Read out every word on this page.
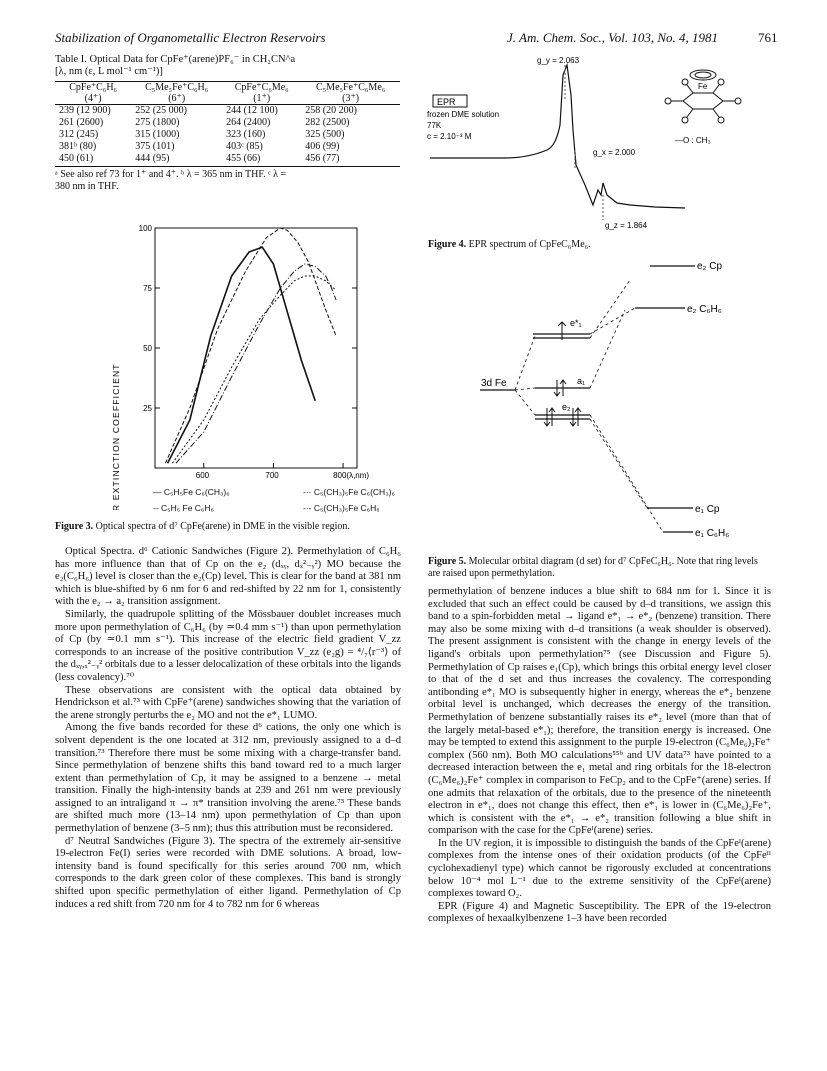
Stabilization of Organometallic Electron Reservoirs	J. Am. Chem. Soc., Vol. 103, No. 4, 1981	761
Table I. Optical Data for CpFe⁺(arene)PF₆⁻ in CH₂CN^a
[λ, nm (ε, L mol⁻¹ cm⁻¹)]
CpFe⁺C₆H₆	C₅Me₅Fe⁺C₆H₆	CpFe⁺C₆Me₆	C₅Me₅Fe⁺C₆Me₆
(4⁺)	(6⁺)	(1⁺)	(3⁺)

239 (12 900)	252 (25 000)	244 (12 100)	258 (20 200)
261 (2600)	275 (1800)	264 (2400)	282 (2500)
312 (245)	315 (1000)	323 (160)	325 (500)
381ᵇ (80)	375 (101)	403ᶜ (85)	406 (99)
450 (61)	444 (95)	455 (66)	456 (77)
ᵃ See also ref 73 for 1⁺ and 4⁺. ᵇ λ = 365 nm in THF. ᶜ λ =
380 nm in THF.
MOLAR EXTINCTION COEFFICIENT
100
75
50
25
600	700	800(λ,nm)
— C₅H₅Fe C₆(CH₃)₆	-·· C₅(CH₃)₅Fe C₆(CH₃)₆
-- C₅H₅ Fe C₆H₆	-·- C₅(CH₃)₅Fe C₆H₆
Figure 3. Optical spectra of d⁷ CpFe(arene) in DME in the visible region.

Optical Spectra. d⁶ Cationic Sandwiches (Figure 2). Permethylation of C₆H₆ has more influence than that of Cp on the e₂ (dₓᵧ, dₓ²₋ᵧ²) MO because the e₂(C₆H₆) level is closer than the e₂(Cp) level. This is clear for the band at 381 nm which is blue-shifted by 6 nm for 6 and red-shifted by 22 nm for 1, consistently with the e₂ → a₂ transition assignment.

Similarly, the quadrupole splitting of the Mössbauer doublet increases much more upon permethylation of C₆H₆ (by ≃0.4 mm s⁻¹) than upon permethylation of Cp (by ≃0.1 mm s⁻¹). This increase of the electric field gradient V_zz corresponds to an increase of the positive contribution V_zz (e₂g) = ⁴/₇⟨r⁻³⟩ of the dₓᵧ,ₓ²₋ᵧ² orbitals due to a lesser delocalization of these orbitals into the ligands (less covalency).⁷⁰

These observations are consistent with the optical data obtained by Hendrickson et al.⁷³ with CpFe⁺(arene) sandwiches showing that the variation of the arene strongly perturbs the e₂ MO and not the e*₁ LUMO.

Among the five bands recorded for these d⁶ cations, the only one which is solvent dependent is the one located at 312 nm, previously assigned to a d–d transition.⁷³ Therefore there must be some mixing with a charge-transfer band. Since permethylation of benzene shifts this band toward red to a much larger extent than permethylation of Cp, it may be assigned to a benzene → metal transition. Finally the high-intensity bands at 239 and 261 nm were previously assigned to an intraligand π → π* transition involving the arene.⁷³ These bands are shifted much more (13–14 nm) upon permethylation of Cp than upon permethylation of benzene (3–5 nm); thus this attribution must be reconsidered.

d⁷ Neutral Sandwiches (Figure 3). The spectra of the extremely air-sensitive 19-electron Fe(I) series were recorded with DME solutions. A broad, low-intensity band is found specifically for this series around 700 nm, which corresponds to the dark green color of these complexes. This band is strongly shifted upon specific permethylation of either ligand. Permethylation of Cp induces a red shift from 720 nm for 4 to 782 nm for 6 whereas

EPR
g_y = 2.063
g_x = 2.000
g_z = 1.864
frozen DME solution
77K
c = 2.10⁻³ M
Fe
—O : CH₃
Figure 4. EPR spectrum of CpFeC₆Me₆.
e₂ Cp
e₂ C₆H₆
e*₁
3d Fe	a₁
e₂
e₁ Cp
e₁ C₆H₆
Figure 5. Molecular orbital diagram (d set) for d⁷ CpFeC₆H₆. Note that ring levels are raised upon permethylation.

permethylation of benzene induces a blue shift to 684 nm for 1. Since it is excluded that such an effect could be caused by d–d transitions, we assign this band to a spin-forbidden metal → ligand e*₁ → e*₂ (benzene) transition. There may also be some mixing with d–d transitions (a weak shoulder is observed). The present assignment is consistent with the change in energy levels of the ligand's orbitals upon permethylation⁷⁵ (see Discussion and Figure 5). Permethylation of Cp raises e₁(Cp), which brings this orbital energy level closer to that of the d set and thus increases the covalency. The corresponding antibonding e*₁ MO is subsequently higher in energy, whereas the e*₂ benzene orbital level is unchanged, which decreases the energy of the transition. Permethylation of benzene substantially raises its e*₂ level (more than that of the largely metal-based e*₁); therefore, the transition energy is increased. One may be tempted to extend this assignment to the purple 19-electron (C₆Me₆)₂Fe⁺ complex (560 nm). Both MO calculations⁵⁵ᵇ and UV data⁷³ have pointed to a decreased interaction between the e₁ metal and ring orbitals for the 18-electron (C₆Me₆)₂Fe⁺ complex in comparison to FeCp₂ and to the CpFe⁺(arene) series. If one admits that relaxation of the orbitals, due to the presence of the nineteenth electron in e*₁, does not change this effect, then e*₁ is lower in (C₆Me₆)₂Fe⁺, which is consistent with the e*₁ → e*₂ transition following a blue shift in comparison with the case for the CpFeᴵ(arene) series.

In the UV region, it is impossible to distinguish the bands of the CpFeᴵ(arene) complexes from the intense ones of their oxidation products (of the CpFeᴵᴵ cyclohexadienyl type) which cannot be rigorously excluded at concentrations below 10⁻⁴ mol L⁻¹ due to the extreme sensitivity of the CpFeᴵ(arene) complexes toward O₂.

EPR (Figure 4) and Magnetic Susceptibility. The EPR of the 19-electron complexes of hexaalkylbenzene 1–3 have been recorded
